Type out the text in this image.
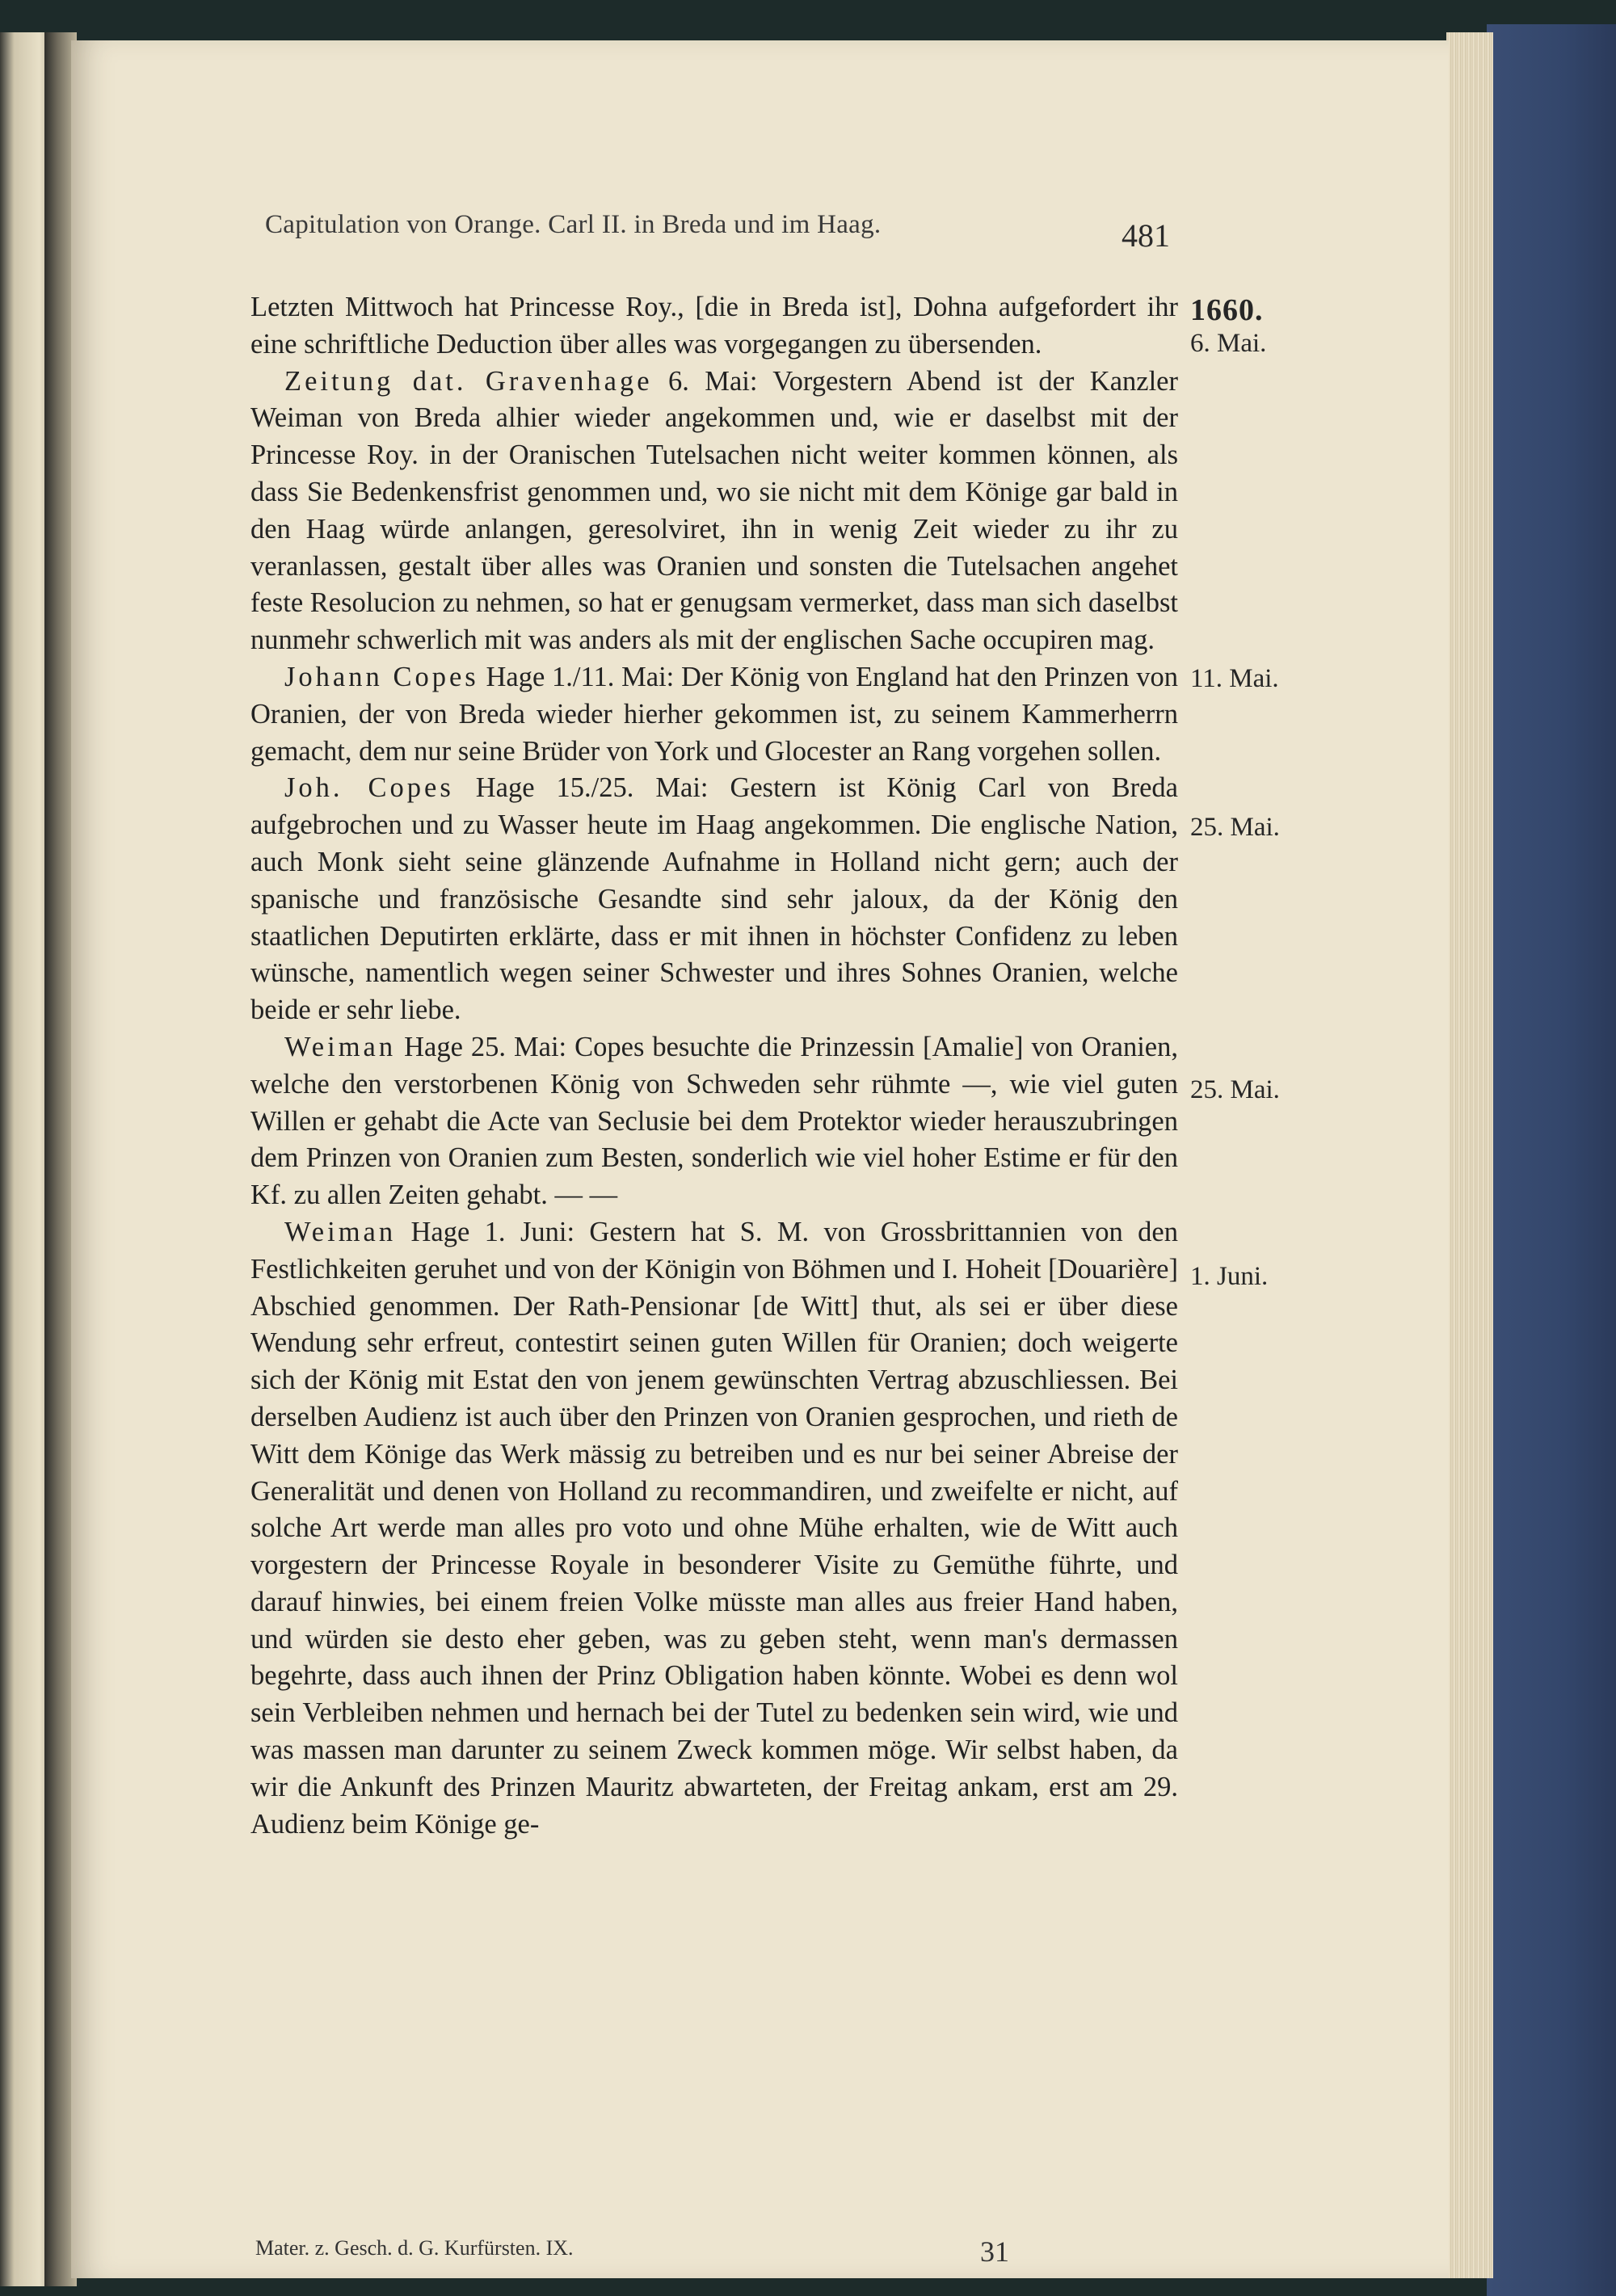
Capitulation von Orange. Carl II. in Breda und im Haag.	481
1660.
6. Mai.
11. Mai.
25. Mai.
25. Mai.
1. Juni.

Letzten Mittwoch hat Princesse Roy., [die in Breda ist], Dohna aufgefordert ihr eine schriftliche Deduction über alles was vorgegangen zu übersenden.

Zeitung dat. Gravenhage 6. Mai: Vorgestern Abend ist der Kanzler Weiman von Breda alhier wieder angekommen und, wie er daselbst mit der Princesse Roy. in der Oranischen Tutelsachen nicht weiter kommen können, als dass Sie Bedenkensfrist genommen und, wo sie nicht mit dem Könige gar bald in den Haag würde anlangen, geresolviret, ihn in wenig Zeit wieder zu ihr zu veranlassen, gestalt über alles was Oranien und sonsten die Tutelsachen angehet feste Resolucion zu nehmen, so hat er genugsam vermerket, dass man sich daselbst nunmehr schwerlich mit was anders als mit der englischen Sache occupiren mag.

Johann Copes Hage 1./11. Mai: Der König von England hat den Prinzen von Oranien, der von Breda wieder hierher gekommen ist, zu seinem Kammerherrn gemacht, dem nur seine Brüder von York und Glocester an Rang vorgehen sollen.

Joh. Copes Hage 15./25. Mai: Gestern ist König Carl von Breda aufgebrochen und zu Wasser heute im Haag angekommen. Die englische Nation, auch Monk sieht seine glänzende Aufnahme in Holland nicht gern; auch der spanische und französische Gesandte sind sehr jaloux, da der König den staatlichen Deputirten erklärte, dass er mit ihnen in höchster Confidenz zu leben wünsche, namentlich wegen seiner Schwester und ihres Sohnes Oranien, welche beide er sehr liebe.

Weiman Hage 25. Mai: Copes besuchte die Prinzessin [Amalie] von Oranien, welche den verstorbenen König von Schweden sehr rühmte —, wie viel guten Willen er gehabt die Acte van Seclusie bei dem Protektor wieder herauszubringen dem Prinzen von Oranien zum Besten, sonderlich wie viel hoher Estime er für den Kf. zu allen Zeiten gehabt. — —

Weiman Hage 1. Juni: Gestern hat S. M. von Grossbrittannien von den Festlichkeiten geruhet und von der Königin von Böhmen und I. Hoheit [Douarière] Abschied genommen. Der Rath-Pensionar [de Witt] thut, als sei er über diese Wendung sehr erfreut, contestirt seinen guten Willen für Oranien; doch weigerte sich der König mit Estat den von jenem gewünschten Vertrag abzuschliessen. Bei derselben Audienz ist auch über den Prinzen von Oranien gesprochen, und rieth de Witt dem Könige das Werk mässig zu betreiben und es nur bei seiner Abreise der Generalität und denen von Holland zu recommandiren, und zweifelte er nicht, auf solche Art werde man alles pro voto und ohne Mühe erhalten, wie de Witt auch vorgestern der Princesse Royale in besonderer Visite zu Gemüthe führte, und darauf hinwies, bei einem freien Volke müsste man alles aus freier Hand haben, und würden sie desto eher geben, was zu geben steht, wenn man's dermassen begehrte, dass auch ihnen der Prinz Obligation haben könnte. Wobei es denn wol sein Verbleiben nehmen und hernach bei der Tutel zu bedenken sein wird, wie und was massen man darunter zu seinem Zweck kommen möge. Wir selbst haben, da wir die Ankunft des Prinzen Mauritz abwarteten, der Freitag ankam, erst am 29. Audienz beim Könige ge-

Mater. z. Gesch. d. G. Kurfürsten. IX.	31
